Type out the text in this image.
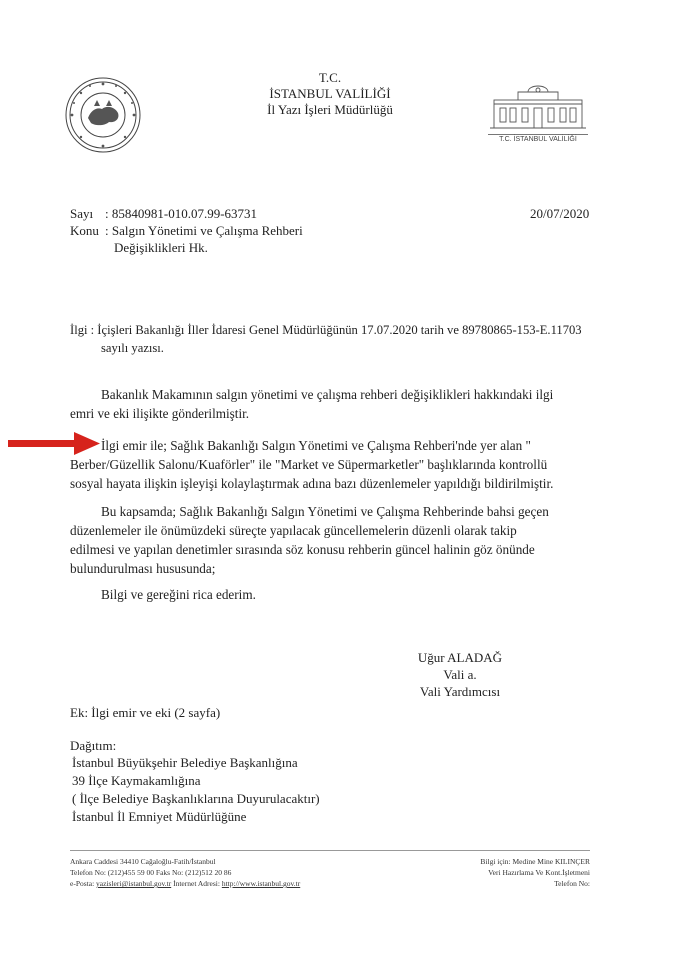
T.C.
İSTANBUL VALİLİĞİ
İl Yazı İşleri Müdürlüğü
T.C. İSTANBUL VALİLİĞİ
Sayı : 85840981-010.07.99-63731	20/07/2020
Konu : Salgın Yönetimi ve Çalışma Rehberi
Değişiklikleri Hk.
İlgi : İçişleri Bakanlığı İller İdaresi Genel Müdürlüğünün 17.07.2020 tarih ve 89780865-153-E.11703
sayılı yazısı.
Bakanlık Makamının salgın yönetimi ve çalışma rehberi değişiklikleri hakkındaki ilgi
emri ve eki ilişikte gönderilmiştir.
İlgi emir ile; Sağlık Bakanlığı Salgın Yönetimi ve Çalışma Rehberi'nde yer alan "
Berber/Güzellik Salonu/Kuaförler" ile "Market ve Süpermarketler" başlıklarında kontrollü
sosyal hayata ilişkin işleyişi kolaylaştırmak adına bazı düzenlemeler yapıldığı bildirilmiştir.
Bu kapsamda; Sağlık Bakanlığı Salgın Yönetimi ve Çalışma Rehberinde bahsi geçen
düzenlemeler ile önümüzdeki süreçte yapılacak güncellemelerin düzenli olarak takip
edilmesi ve yapılan denetimler sırasında söz konusu rehberin güncel halinin göz önünde
bulundurulması hususunda;
Bilgi ve gereğini rica ederim.
Uğur ALADAĞ
Vali a.
Vali Yardımcısı
Ek: İlgi emir ve eki (2 sayfa)
Dağıtım:
İstanbul Büyükşehir Belediye Başkanlığına
39 İlçe Kaymakamlığına
( İlçe Belediye Başkanlıklarına Duyurulacaktır)
İstanbul İl Emniyet Müdürlüğüne
Ankara Caddesi 34410 Cağaloğlu-Fatih/İstanbul
Telefon No: (212)455 59 00 Faks No: (212)512 20 86
e-Posta: yazisleri@istanbul.gov.tr İnternet Adresi: http://www.istanbul.gov.tr
Bilgi için: Medine Mine KILINÇER
Veri Hazırlama Ve Kont.İşletmeni
Telefon No:
